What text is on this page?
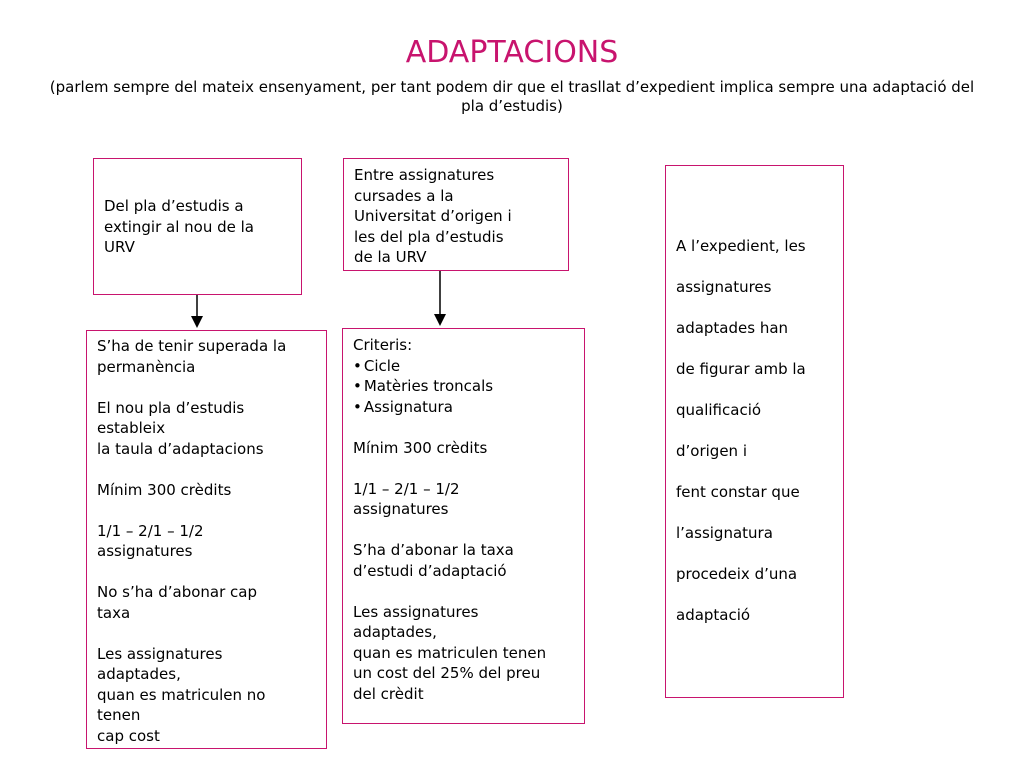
ADAPTACIONS
(parlem sempre del mateix ensenyament, per tant podem dir que el trasllat d’expedient implica sempre una adaptació del pla d’estudis)

Del pla d’estudis a

extingir al nou de la

URV

Entre assignatures

cursades a la

Universitat d’origen i

les del pla d’estudis

de la URV

A l’expedient, les

assignatures

adaptades han

de figurar amb la

qualificació

d’origen i

fent constar que

l’assignatura

procedeix d’una

adaptació

S’ha de tenir superada la

permanència

El nou pla d’estudis

estableix

la taula d’adaptacions

Mínim 300 crèdits

1/1 – 2/1 – 1/2

assignatures

No s’ha d’abonar cap

taxa

Les assignatures

adaptades,

quan es matriculen no

tenen

cap cost

Criteris:

• Cicle

• Matèries troncals

• Assignatura

Mínim 300 crèdits

1/1 – 2/1 – 1/2

assignatures

S’ha d’abonar la taxa

d’estudi d’adaptació

Les assignatures

adaptades,

quan es matriculen tenen

un cost del 25% del preu

del crèdit
